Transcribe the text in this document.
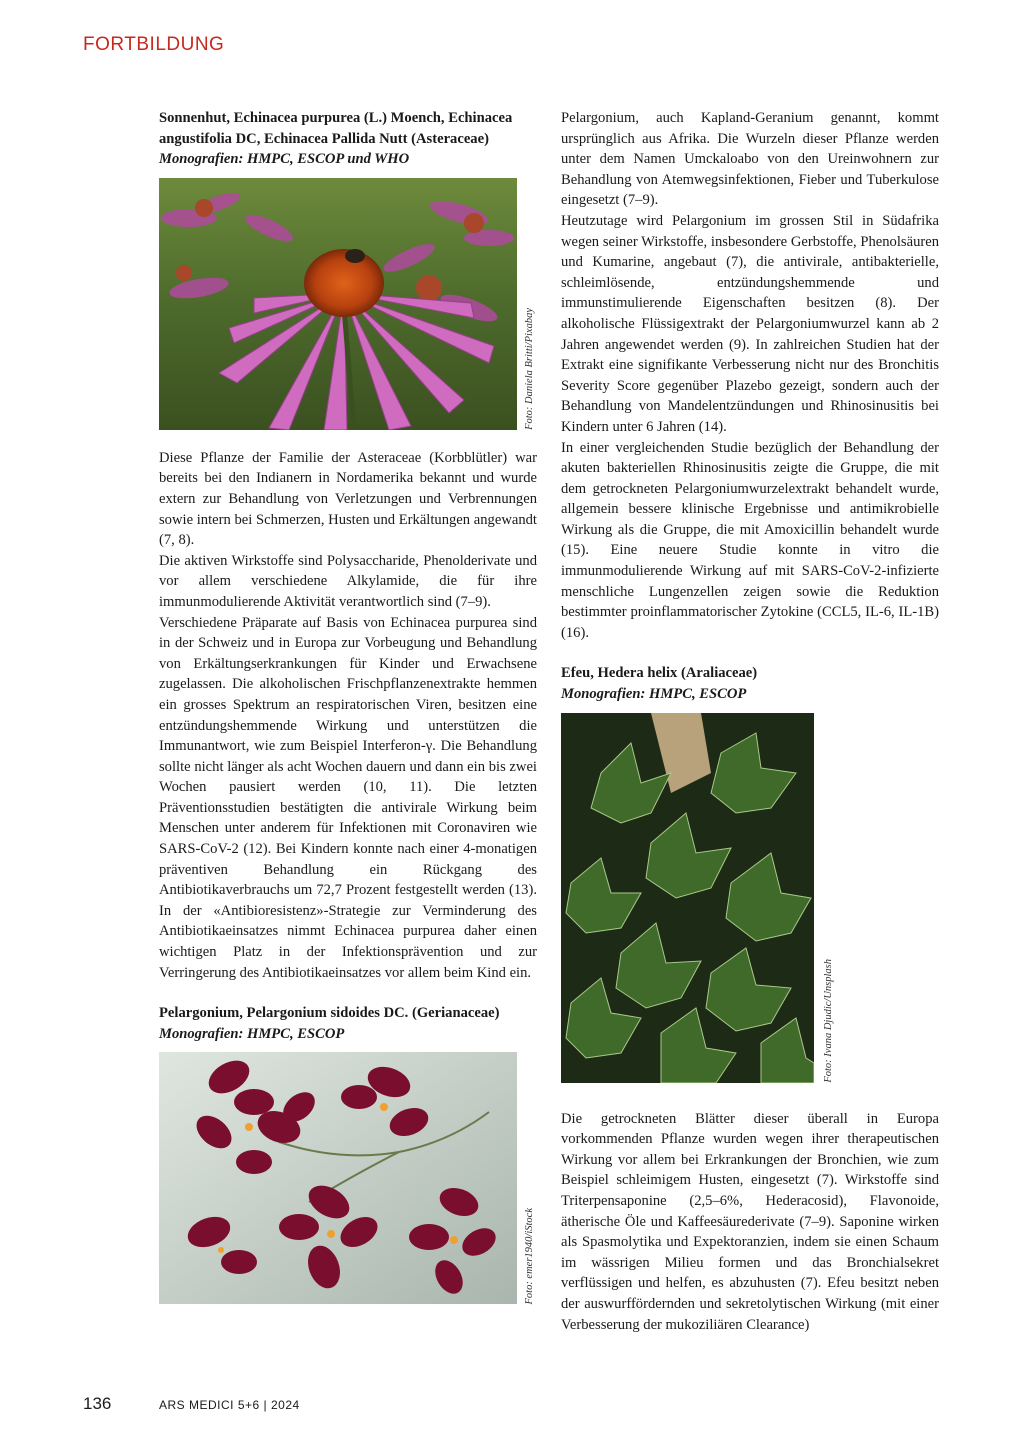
FORTBILDUNG

Sonnenhut, Echinacea purpurea (L.) Moench, Echinacea angustifolia DC, Echinacea Pallida Nutt (Asteraceae)

Monografien: HMPC, ESCOP und WHO

Foto: Daniela Britti/Pixabay

Diese Pflanze der Familie der Asteraceae (Korbblütler) war bereits bei den Indianern in Nordamerika bekannt und wurde extern zur Behandlung von Verletzungen und Verbrennungen sowie intern bei Schmerzen, Husten und Erkältungen angewandt (7, 8).

Die aktiven Wirkstoffe sind Polysaccharide, Phenolderivate und vor allem verschiedene Alkylamide, die für ihre immunmodulierende Aktivität verantwortlich sind (7–9).

Verschiedene Präparate auf Basis von Echinacea purpurea sind in der Schweiz und in Europa zur Vorbeugung und Behandlung von Erkältungserkrankungen für Kinder und Erwachsene zugelassen. Die alkoholischen Frischpflanzenextrakte hemmen ein grosses Spektrum an respiratorischen Viren, besitzen eine entzündungshemmende Wirkung und unterstützen die Immunantwort, wie zum Beispiel Interferon-γ. Die Behandlung sollte nicht länger als acht Wochen dauern und dann ein bis zwei Wochen pausiert werden (10, 11). Die letzten Präventionsstudien bestätigten die antivirale Wirkung beim Menschen unter anderem für Infektionen mit Coronaviren wie SARS-CoV-2 (12). Bei Kindern konnte nach einer 4-monatigen präventiven Behandlung ein Rückgang des Antibiotikaverbrauchs um 72,7 Prozent festgestellt werden (13). In der «Antibioresistenz»-Strategie zur Verminderung des Antibiotikaeinsatzes nimmt Echinacea purpurea daher einen wichtigen Platz in der Infektionsprävention und zur Verringerung des Antibiotikaeinsatzes vor allem beim Kind ein.

Pelargonium, Pelargonium sidoides DC. (Gerianaceae)

Monografien: HMPC, ESCOP

Foto: emer1940/iStock

Pelargonium, auch Kapland-Geranium genannt, kommt ursprünglich aus Afrika. Die Wurzeln dieser Pflanze werden unter dem Namen Umckaloabo von den Ureinwohnern zur Behandlung von Atemwegsinfektionen, Fieber und Tuberkulose eingesetzt (7–9).

Heutzutage wird Pelargonium im grossen Stil in Südafrika wegen seiner Wirkstoffe, insbesondere Gerbstoffe, Phenolsäuren und Kumarine, angebaut (7), die antivirale, antibakterielle, schleimlösende, entzündungshemmende und immunstimulierende Eigenschaften besitzen (8). Der alkoholische Flüssigextrakt der Pelargoniumwurzel kann ab 2 Jahren angewendet werden (9). In zahlreichen Studien hat der Extrakt eine signifikante Verbesserung nicht nur des Bronchitis Severity Score gegenüber Plazebo gezeigt, sondern auch der Behandlung von Mandelentzündungen und Rhinosinusitis bei Kindern unter 6 Jahren (14).

In einer vergleichenden Studie bezüglich der Behandlung der akuten bakteriellen Rhinosinusitis zeigte die Gruppe, die mit dem getrockneten Pelargoniumwurzelextrakt behandelt wurde, allgemein bessere klinische Ergebnisse und antimikrobielle Wirkung als die Gruppe, die mit Amoxicillin behandelt wurde (15). Eine neuere Studie konnte in vitro die immunmodulierende Wirkung auf mit SARS-CoV-2-infizierte menschliche Lungenzellen zeigen sowie die Reduktion bestimmter proinflammatorischer Zytokine (CCL5, IL-6, IL-1B) (16).

Efeu, Hedera helix (Araliaceae)

Monografien: HMPC, ESCOP

Foto: Ivana Djudic/Unsplash

Die getrockneten Blätter dieser überall in Europa vorkommenden Pflanze wurden wegen ihrer therapeutischen Wirkung vor allem bei Erkrankungen der Bronchien, wie zum Beispiel schleimigem Husten, eingesetzt (7). Wirkstoffe sind Triterpensaponine (2,5–6%, Hederacosid), Flavonoide, ätherische Öle und Kaffeesäurederivate (7–9). Saponine wirken als Spasmolytika und Expektoranzien, indem sie einen Schaum im wässrigen Milieu formen und das Bronchialsekret verflüssigen und helfen, es abzuhusten (7). Efeu besitzt neben der auswurffördernden und sekretolytischen Wirkung (mit einer Verbesserung der mukoziliären Clearance)

136	ARS MEDICI 5+6 | 2024
